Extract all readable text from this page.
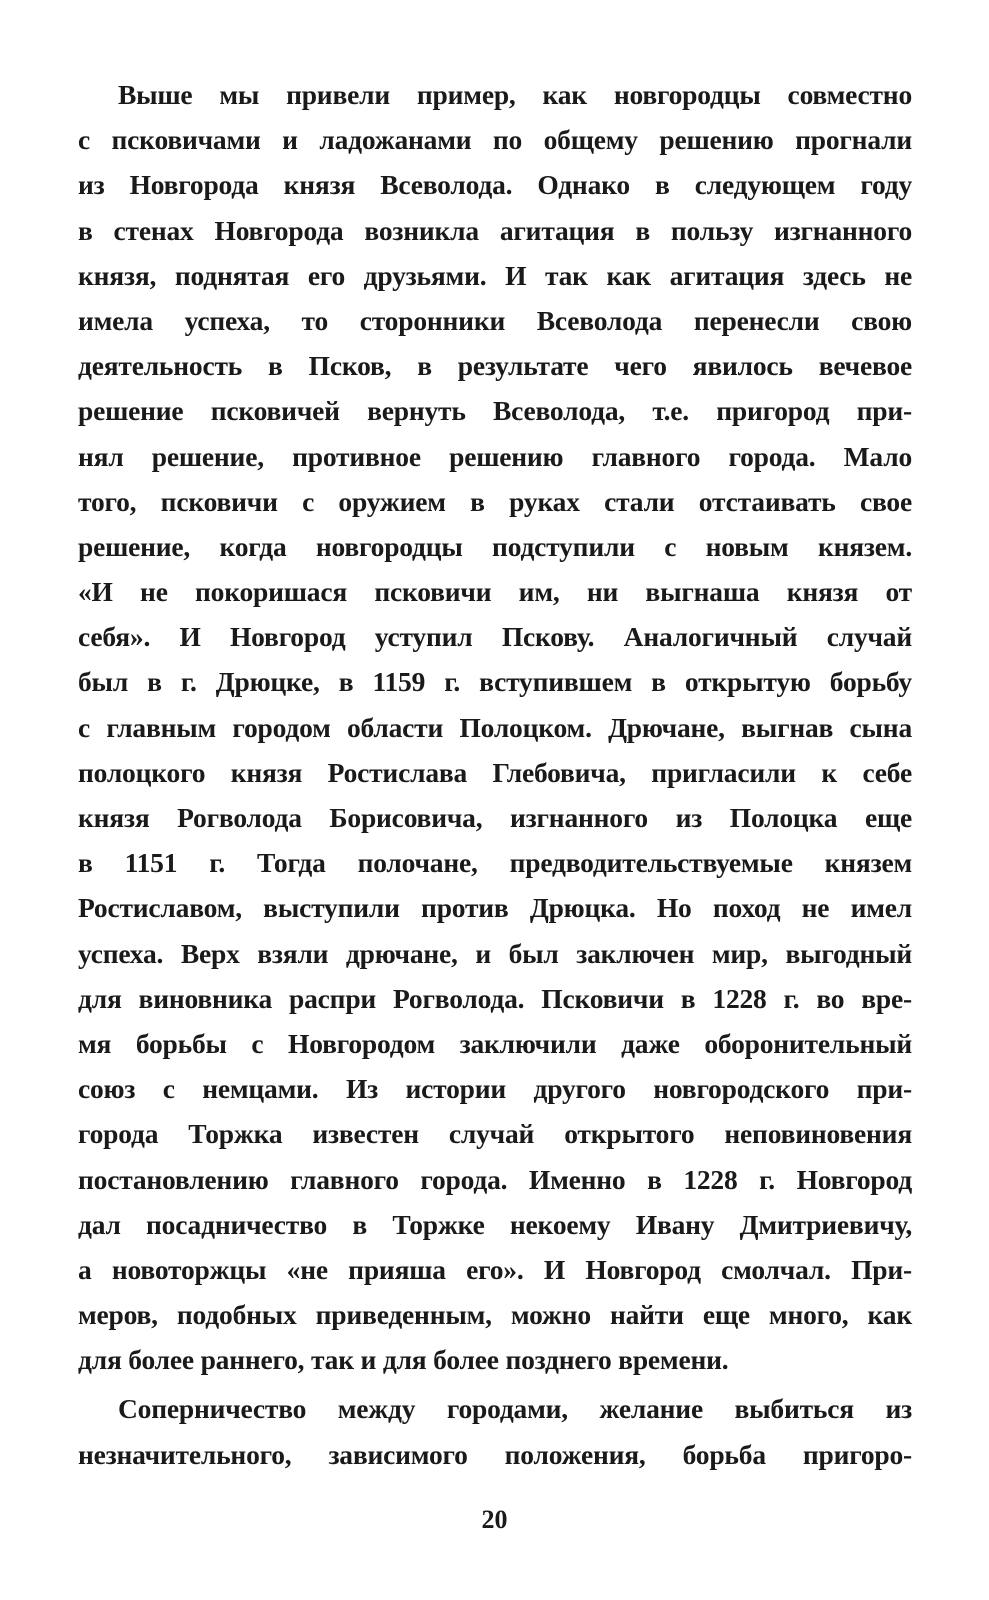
Выше мы привели пример, как новгородцы совместно
с псковичами и ладожанами по общему решению прогнали
из Новгорода князя Всеволода. Однако в следующем году
в стенах Новгорода возникла агитация в пользу изгнанного
князя, поднятая его друзьями. И так как агитация здесь не
имела успеха, то сторонники Всеволода перенесли свою
деятельность в Псков, в результате чего явилось вечевое
решение псковичей вернуть Всеволода, т.е. пригород при-
нял решение, противное решению главного города. Мало
того, псковичи с оружием в руках стали отстаивать свое
решение, когда новгородцы подступили с новым князем.
«И не покоришася псковичи им, ни выгнаша князя от
себя». И Новгород уступил Пскову. Аналогичный случай
был в г. Дрюцке, в 1159 г. вступившем в открытую борьбу
с главным городом области Полоцком. Дрючане, выгнав сына
полоцкого князя Ростислава Глебовича, пригласили к себе
князя Рогволода Борисовича, изгнанного из Полоцка еще
в 1151 г. Тогда полочане, предводительствуемые князем
Ростиславом, выступили против Дрюцка. Но поход не имел
успеха. Верх взяли дрючане, и был заключен мир, выгодный
для виновника распри Рогволода. Псковичи в 1228 г. во вре-
мя борьбы с Новгородом заключили даже оборонительный
союз с немцами. Из истории другого новгородского при-
города Торжка известен случай открытого неповиновения
постановлению главного города. Именно в 1228 г. Новгород
дал посадничество в Торжке некоему Ивану Дмитриевичу,
а новоторжцы «не прияша его». И Новгород смолчал. При-
меров, подобных приведенным, можно найти еще много, как
для более раннего, так и для более позднего времени.
Соперничество между городами, желание выбиться из
незначительного, зависимого положения, борьба пригоро-
20
